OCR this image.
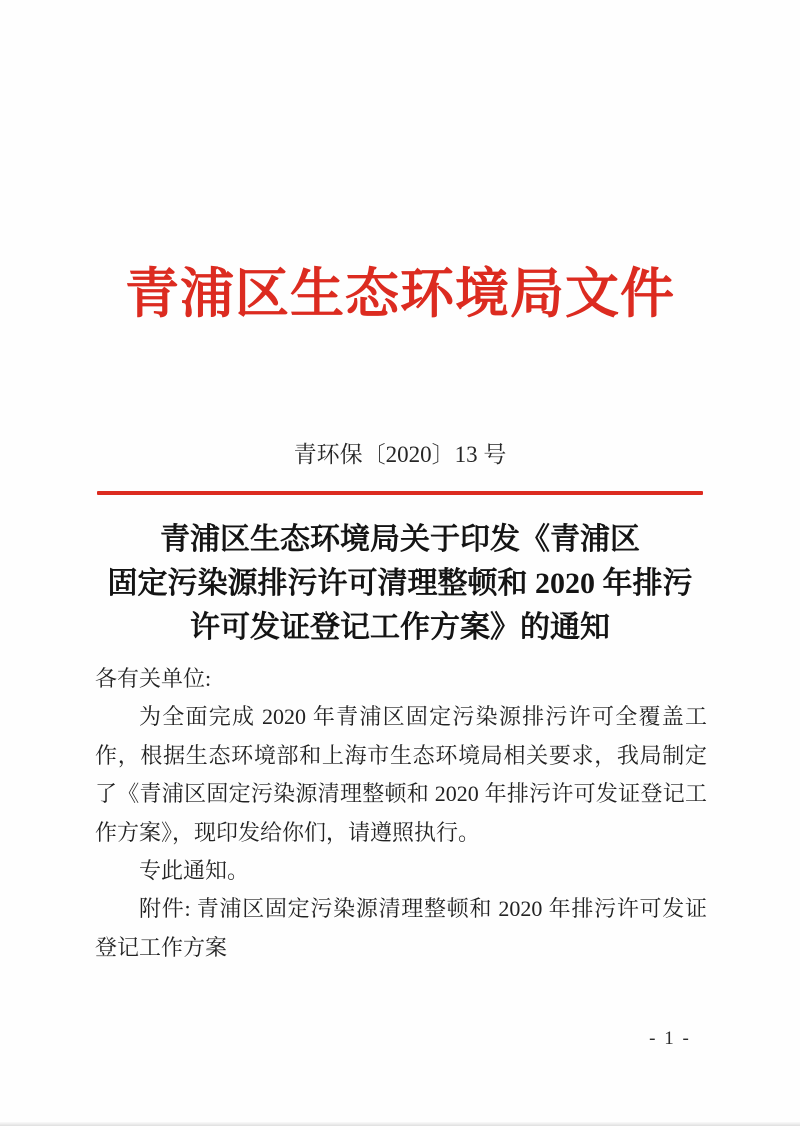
青浦区生态环境局文件
青环保〔2020〕13 号
青浦区生态环境局关于印发《青浦区
固定污染源排污许可清理整顿和 2020 年排污
许可发证登记工作方案》的通知
各有关单位:
为全面完成 2020 年青浦区固定污染源排污许可全覆盖工
作，根据生态环境部和上海市生态环境局相关要求，我局制定
了《青浦区固定污染源清理整顿和 2020 年排污许可发证登记工
作方案》，现印发给你们，请遵照执行。
专此通知。
附件: 青浦区固定污染源清理整顿和 2020 年排污许可发证
登记工作方案
- 1 -
